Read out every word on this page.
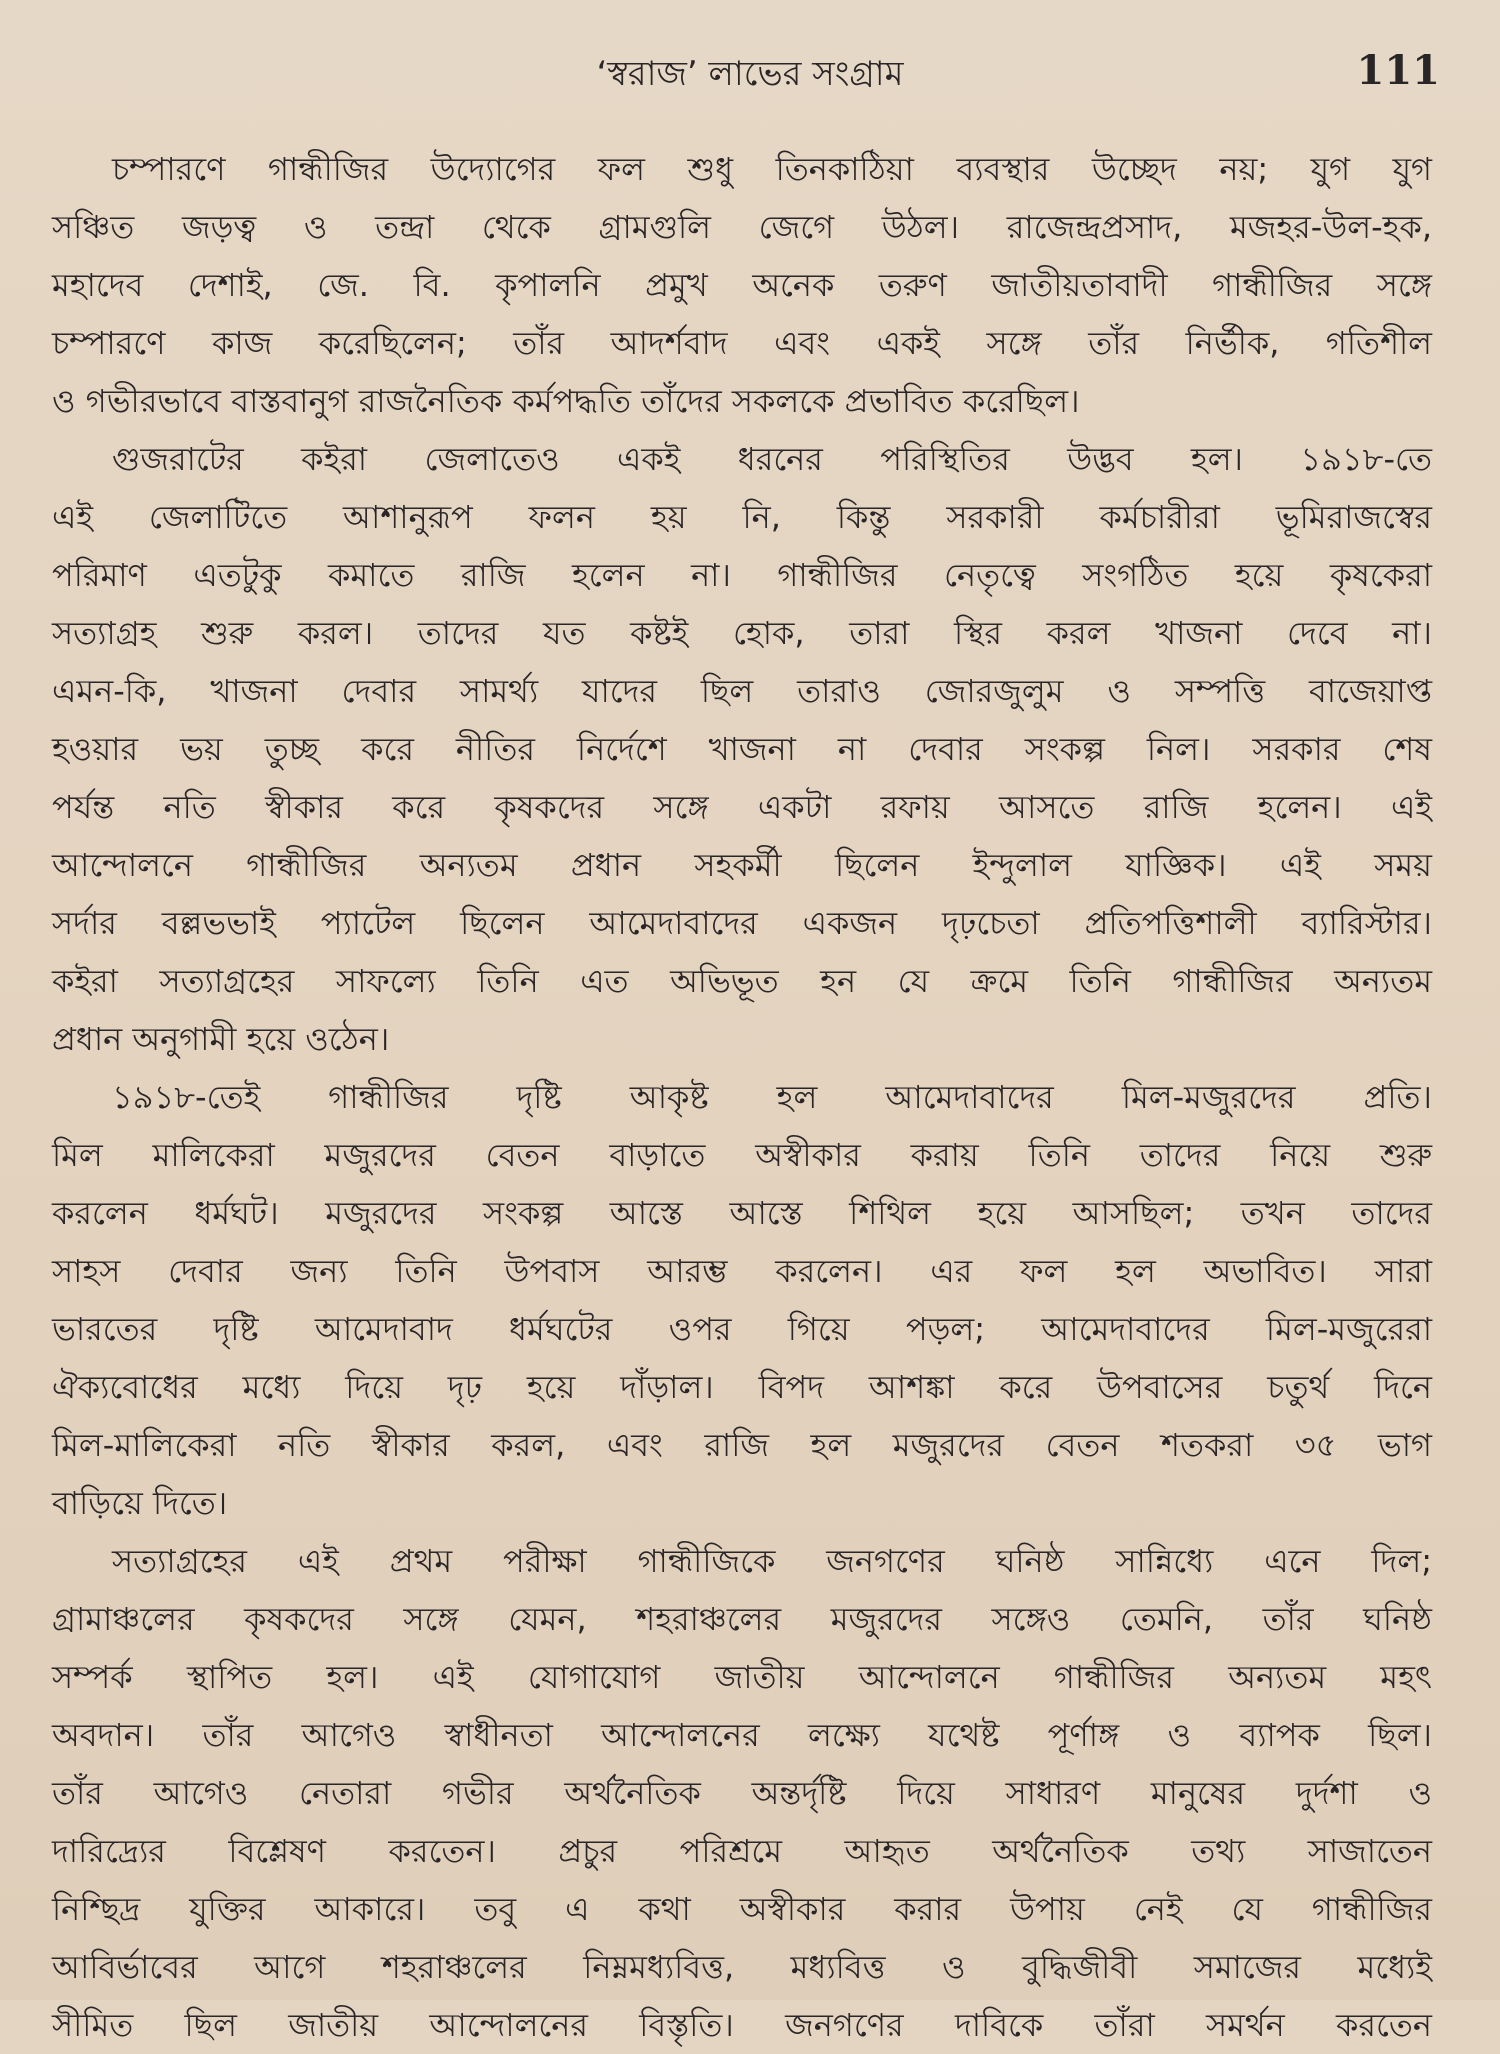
‘স্বরাজ’ লাভের সংগ্রাম	111
চম্পারণে গান্ধীজির উদ্যোগের ফল শুধু তিনকাঠিয়া ব্যবস্থার উচ্ছেদ নয়; যুগ যুগ
সঞ্চিত জড়ত্ব ও তন্দ্রা থেকে গ্রামগুলি জেগে উঠল। রাজেন্দ্রপ্রসাদ, মজহর-উল-হক,
মহাদেব দেশাই, জে. বি. কৃপালনি প্রমুখ অনেক তরুণ জাতীয়তাবাদী গান্ধীজির সঙ্গে
চম্পারণে কাজ করেছিলেন; তাঁর আদর্শবাদ এবং একই সঙ্গে তাঁর নির্ভীক, গতিশীল
ও গভীরভাবে বাস্তবানুগ রাজনৈতিক কর্মপদ্ধতি তাঁদের সকলকে প্রভাবিত করেছিল।
গুজরাটের কইরা জেলাতেও একই ধরনের পরিস্থিতির উদ্ভব হল। ১৯১৮-তে
এই জেলাটিতে আশানুরূপ ফলন হয় নি, কিন্তু সরকারী কর্মচারীরা ভূমিরাজস্বের
পরিমাণ এতটুকু কমাতে রাজি হলেন না। গান্ধীজির নেতৃত্বে সংগঠিত হয়ে কৃষকেরা
সত্যাগ্রহ শুরু করল। তাদের যত কষ্টই হোক, তারা স্থির করল খাজনা দেবে না।
এমন-কি, খাজনা দেবার সামর্থ্য যাদের ছিল তারাও জোরজুলুম ও সম্পত্তি বাজেয়াপ্ত
হওয়ার ভয় তুচ্ছ করে নীতির নির্দেশে খাজনা না দেবার সংকল্প নিল। সরকার শেষ
পর্যন্ত নতি স্বীকার করে কৃষকদের সঙ্গে একটা রফায় আসতে রাজি হলেন। এই
আন্দোলনে গান্ধীজির অন্যতম প্রধান সহকর্মী ছিলেন ইন্দুলাল যাজ্ঞিক। এই সময়
সর্দার বল্লভভাই প্যাটেল ছিলেন আমেদাবাদের একজন দৃঢ়চেতা প্রতিপত্তিশালী ব্যারিস্টার।
কইরা সত্যাগ্রহের সাফল্যে তিনি এত অভিভূত হন যে ক্রমে তিনি গান্ধীজির অন্যতম
প্রধান অনুগামী হয়ে ওঠেন।
১৯১৮-তেই গান্ধীজির দৃষ্টি আকৃষ্ট হল আমেদাবাদের মিল-মজুরদের প্রতি।
মিল মালিকেরা মজুরদের বেতন বাড়াতে অস্বীকার করায় তিনি তাদের নিয়ে শুরু
করলেন ধর্মঘট। মজুরদের সংকল্প আস্তে আস্তে শিথিল হয়ে আসছিল; তখন তাদের
সাহস দেবার জন্য তিনি উপবাস আরম্ভ করলেন। এর ফল হল অভাবিত। সারা
ভারতের দৃষ্টি আমেদাবাদ ধর্মঘটের ওপর গিয়ে পড়ল; আমেদাবাদের মিল-মজুরেরা
ঐক্যবোধের মধ্যে দিয়ে দৃঢ় হয়ে দাঁড়াল। বিপদ আশঙ্কা করে উপবাসের চতুর্থ দিনে
মিল-মালিকেরা নতি স্বীকার করল, এবং রাজি হল মজুরদের বেতন শতকরা ৩৫ ভাগ
বাড়িয়ে দিতে।
সত্যাগ্রহের এই প্রথম পরীক্ষা গান্ধীজিকে জনগণের ঘনিষ্ঠ সান্নিধ্যে এনে দিল;
গ্রামাঞ্চলের কৃষকদের সঙ্গে যেমন, শহরাঞ্চলের মজুরদের সঙ্গেও তেমনি, তাঁর ঘনিষ্ঠ
সম্পর্ক স্থাপিত হল। এই যোগাযোগ জাতীয় আন্দোলনে গান্ধীজির অন্যতম মহৎ
অবদান। তাঁর আগেও স্বাধীনতা আন্দোলনের লক্ষ্যে যথেষ্ট পূর্ণাঙ্গ ও ব্যাপক ছিল।
তাঁর আগেও নেতারা গভীর অর্থনৈতিক অন্তর্দৃষ্টি দিয়ে সাধারণ মানুষের দুর্দশা ও
দারিদ্র্যের বিশ্লেষণ করতেন। প্রচুর পরিশ্রমে আহৃত অর্থনৈতিক তথ্য সাজাতেন
নিশ্ছিদ্র যুক্তির আকারে। তবু এ কথা অস্বীকার করার উপায় নেই যে গান্ধীজির
আবির্ভাবের আগে শহরাঞ্চলের নিম্নমধ্যবিত্ত, মধ্যবিত্ত ও বুদ্ধিজীবী সমাজের মধ্যেই
সীমিত ছিল জাতীয় আন্দোলনের বিস্তৃতি। জনগণের দাবিকে তাঁরা সমর্থন করতেন
